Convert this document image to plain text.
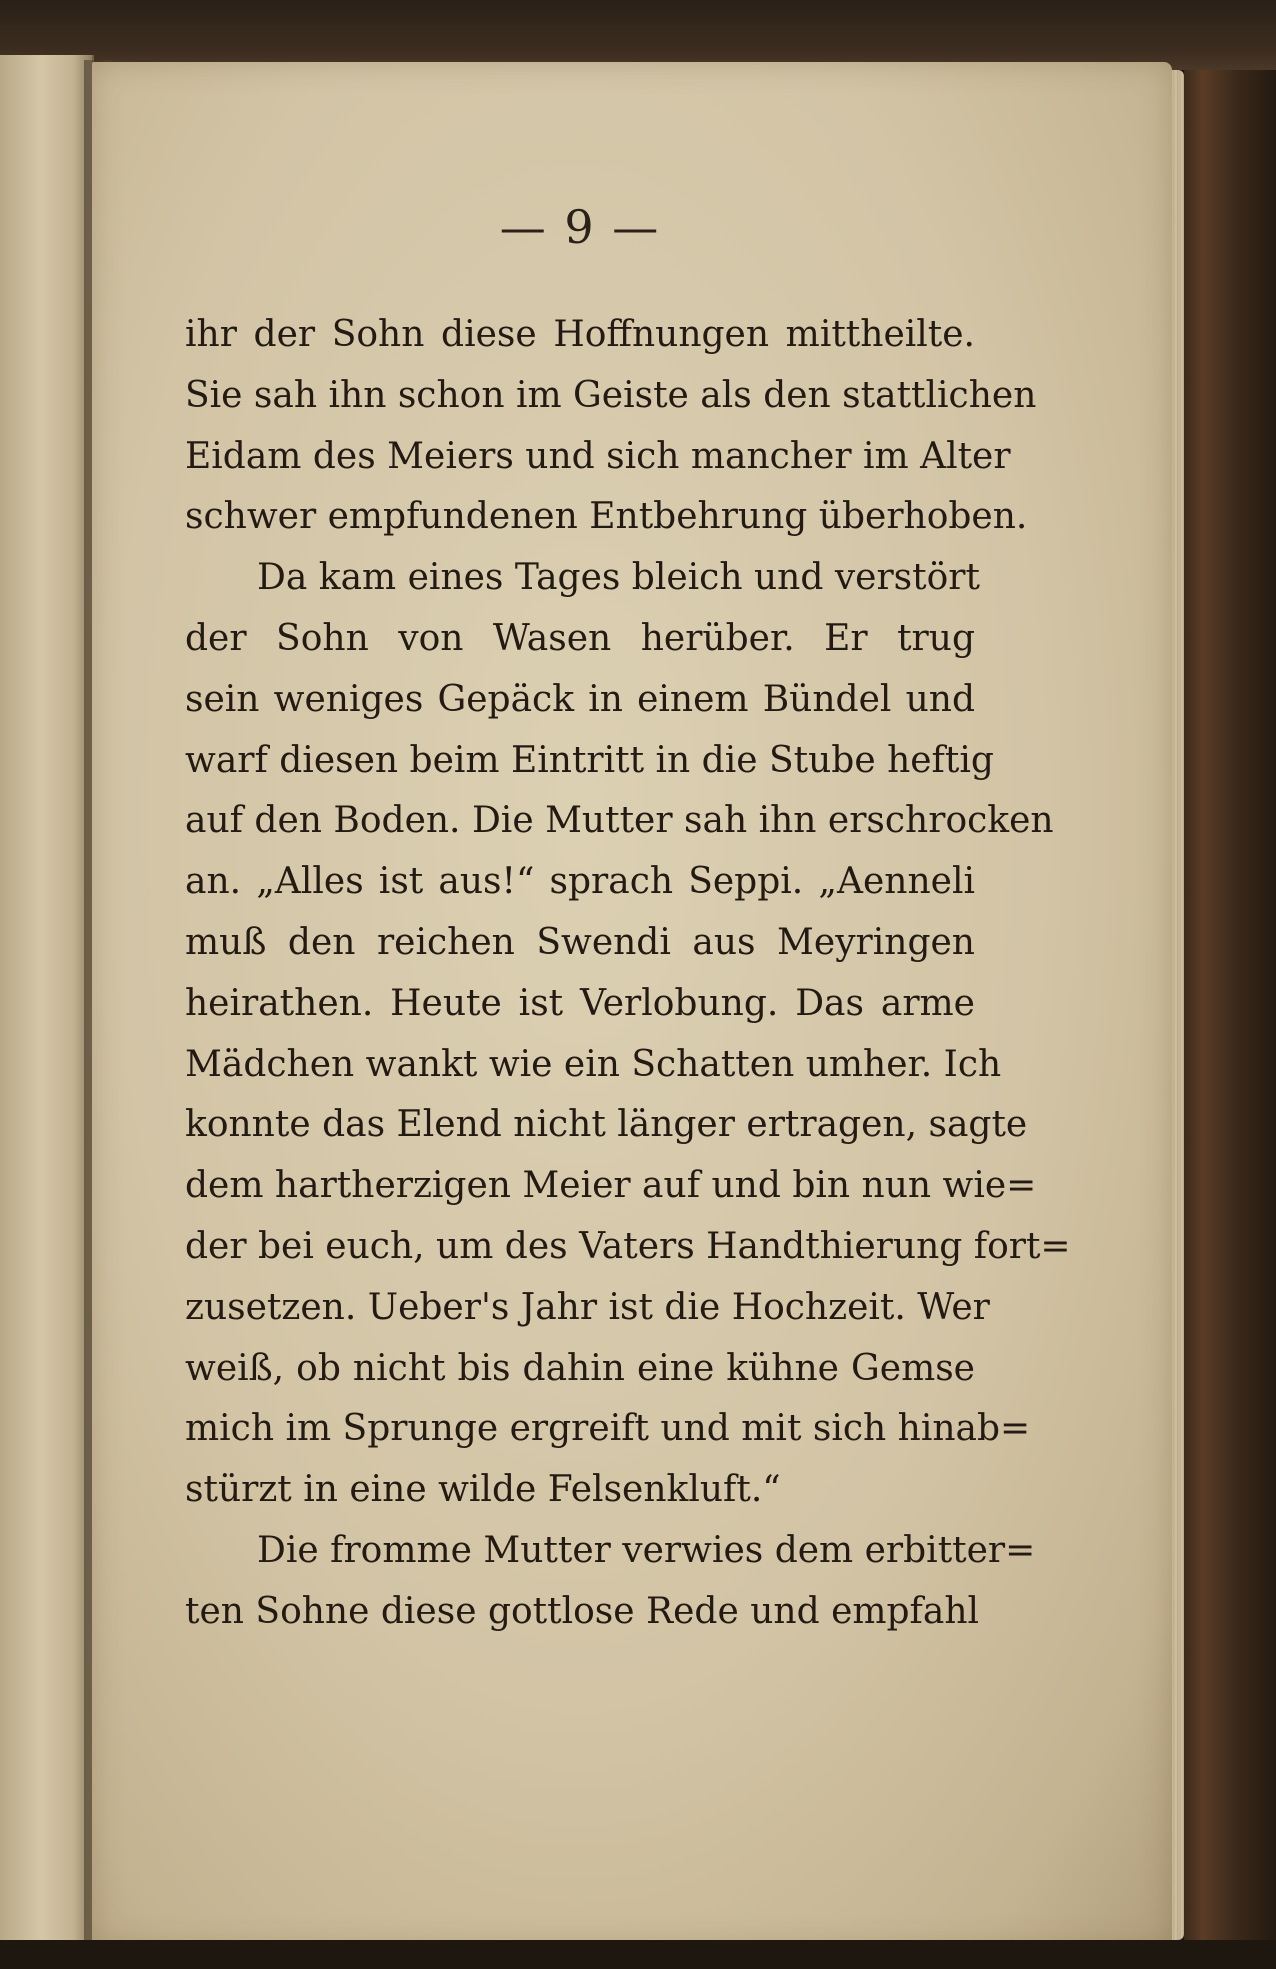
— 9 —
ihr der Sohn diese Hoffnungen mittheilte.
Sie sah ihn schon im Geiste als den stattlichen
Eidam des Meiers und sich mancher im Alter
schwer empfundenen Entbehrung überhoben.
Da kam eines Tages bleich und verstört
der Sohn von Wasen herüber. Er trug
sein weniges Gepäck in einem Bündel und
warf diesen beim Eintritt in die Stube heftig
auf den Boden. Die Mutter sah ihn erschrocken
an. „Alles ist aus!“ sprach Seppi. „Aenneli
muß den reichen Swendi aus Meyringen
heirathen. Heute ist Verlobung. Das arme
Mädchen wankt wie ein Schatten umher. Ich
konnte das Elend nicht länger ertragen, sagte
dem hartherzigen Meier auf und bin nun wie=
der bei euch, um des Vaters Handthierung fort=
zusetzen. Ueber's Jahr ist die Hochzeit. Wer
weiß, ob nicht bis dahin eine kühne Gemse
mich im Sprunge ergreift und mit sich hinab=
stürzt in eine wilde Felsenkluft.“
Die fromme Mutter verwies dem erbitter=
ten Sohne diese gottlose Rede und empfahl
